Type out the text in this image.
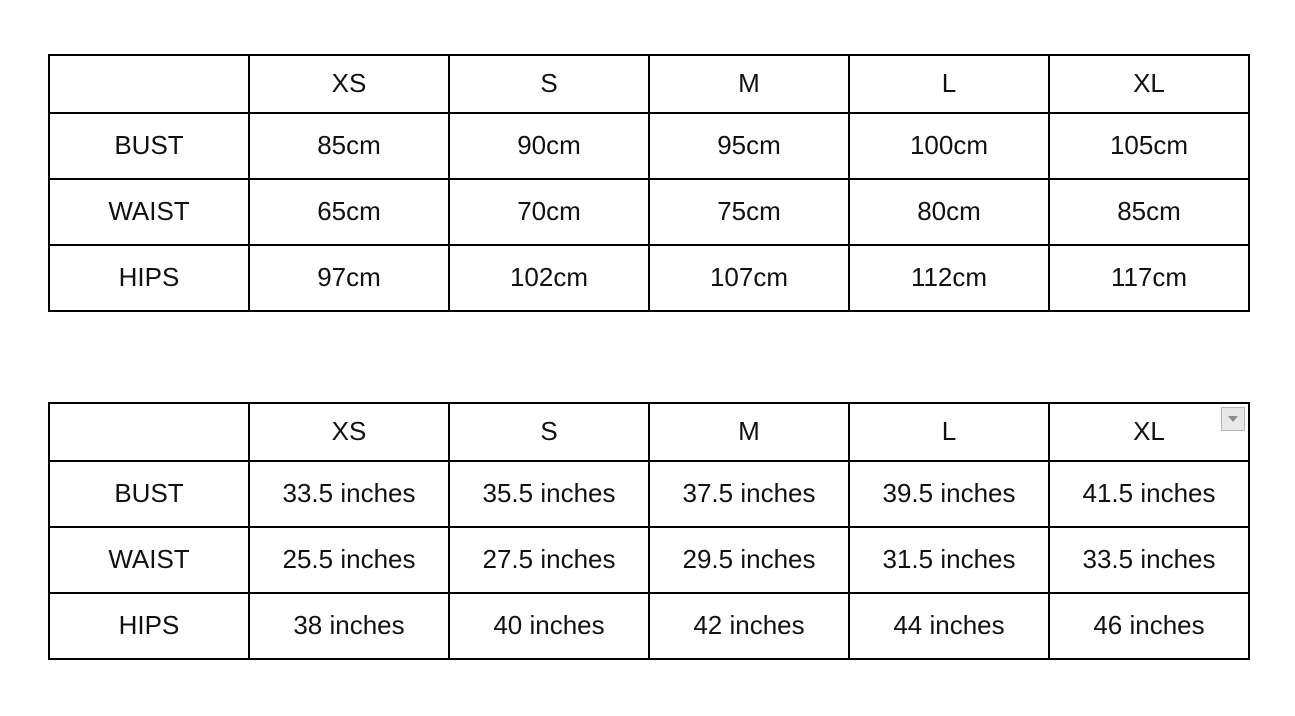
	XS	S	M	L	XL
BUST	85cm	90cm	95cm	100cm	105cm
WAIST	65cm	70cm	75cm	80cm	85cm
HIPS	97cm	102cm	107cm	112cm	117cm
	XS	S	M	L	XL
BUST	33.5 inches	35.5 inches	37.5 inches	39.5 inches	41.5 inches
WAIST	25.5 inches	27.5 inches	29.5 inches	31.5 inches	33.5 inches
HIPS	38 inches	40 inches	42 inches	44 inches	46 inches
